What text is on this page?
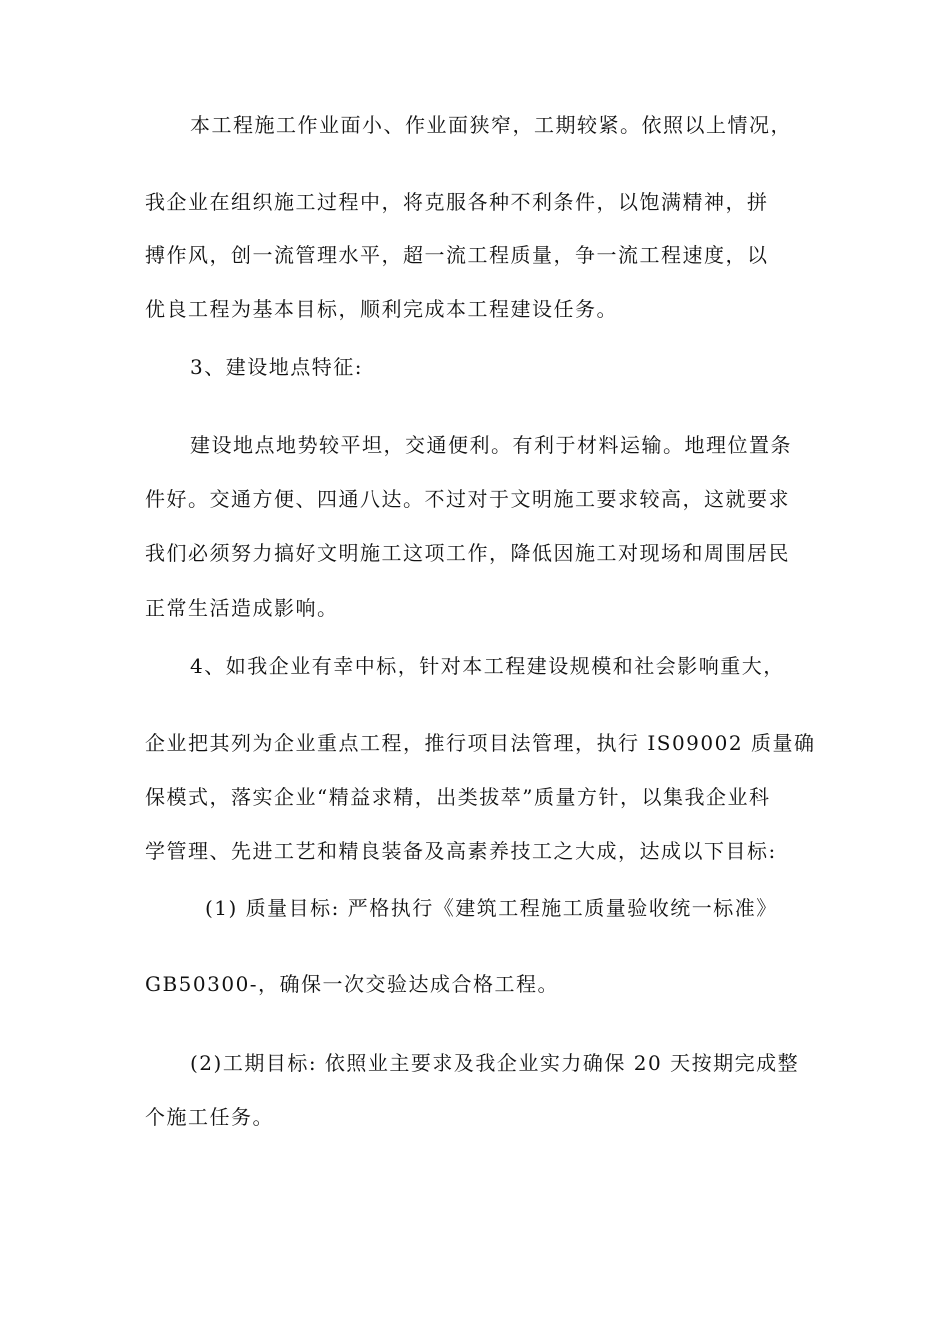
本工程施工作业面小、作业面狭窄，工期较紧。依照以上情况，
我企业在组织施工过程中，将克服各种不利条件，以饱满精神，拼
搏作风，创一流管理水平，超一流工程质量，争一流工程速度，以
优良工程为基本目标，顺利完成本工程建设任务。
3、建设地点特征:
建设地点地势较平坦，交通便利。有利于材料运输。地理位置条
件好。交通方便、四通八达。不过对于文明施工要求较高，这就要求
我们必须努力搞好文明施工这项工作，降低因施工对现场和周围居民
正常生活造成影响。
4、如我企业有幸中标，针对本工程建设规模和社会影响重大，
企业把其列为企业重点工程，推行项目法管理，执行 IS09002 质量确
保模式，落实企业“精益求精，出类拔萃”质量方针，以集我企业科
学管理、先进工艺和精良装备及高素养技工之大成，达成以下目标:
(1) 质量目标: 严格执行《建筑工程施工质量验收统一标准》
GB50300-，确保一次交验达成合格工程。
(2)工期目标: 依照业主要求及我企业实力确保 20 天按期完成整
个施工任务。
